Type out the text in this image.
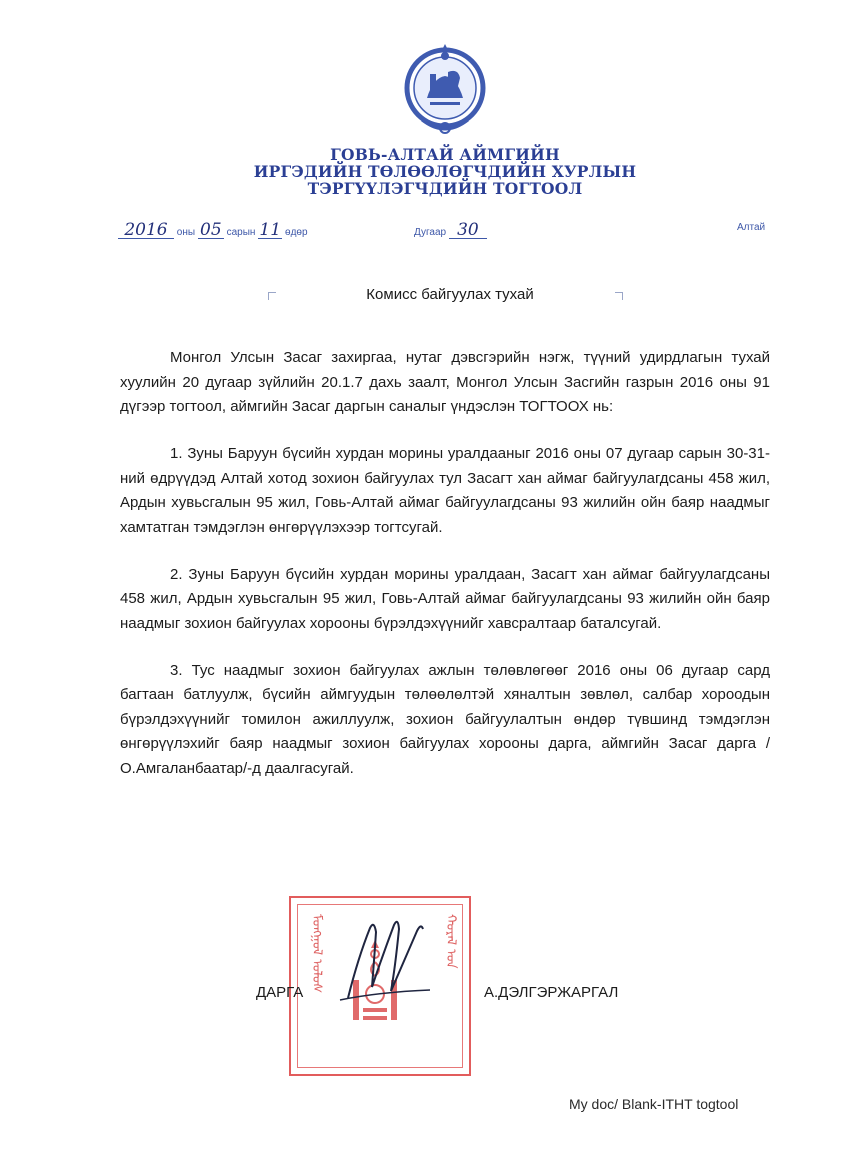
ГОВЬ-АЛТАЙ АЙМГИЙН
ИРГЭДИЙН ТӨЛӨӨЛӨГЧДИЙН ХУРЛЫН
ТЭРГҮҮЛЭГЧДИЙН ТОГТООЛ
2016 оны 05 сарын 11 өдөр	Дугаар 30	Алтай
Комисс байгуулах тухай

Монгол Улсын Засаг захиргаа, нутаг дэвсгэрийн нэгж, түүний удирдлагын тухай хуулийн 20 дугаар зүйлийн 20.1.7 дахь заалт, Монгол Улсын Засгийн газрын 2016 оны 91 дүгээр тогтоол, аймгийн Засаг даргын саналыг үндэслэн ТОГТООХ нь:

1. Зуны Баруун бүсийн хурдан морины уралдааныг 2016 оны 07 дугаар сарын 30-31-ний өдрүүдэд Алтай хотод зохион байгуулах тул Засагт хан аймаг байгуулагдсаны 458 жил, Ардын хувьсгалын 95 жил, Говь-Алтай аймаг байгуулагдсаны 93 жилийн ойн баяр наадмыг хамтатган тэмдэглэн өнгөрүүлэхээр тогтсугай.

2. Зуны Баруун бүсийн хурдан морины уралдаан, Засагт хан аймаг байгуулагдсаны 458 жил, Ардын хувьсгалын 95 жил, Говь-Алтай аймаг байгуулагдсаны 93 жилийн ойн баяр наадмыг зохион байгуулах хорооны бүрэлдэхүүнийг хавсралтаар баталсугай.

3. Тус наадмыг зохион байгуулах ажлын төлөвлөгөөг 2016 оны 06 дугаар сард багтаан батлуулж, бүсийн аймгуудын төлөөлөлтэй хяналтын зөвлөл, салбар хороодын бүрэлдэхүүнийг томилон ажиллуулж, зохион байгуулалтын өндөр түвшинд тэмдэглэн өнгөрүүлэхийг баяр наадмыг зохион байгуулах хорооны дарга, аймгийн Засаг дарга /О.Амгаланбаатар/-д даалгасугай.

ᠮᠣᠩᠭᠣᠯ ᠤᠯᠤᠰ	ᠬᠤᠷᠠᠯ ᠤᠨ
ДАРГА	А.ДЭЛГЭРЖАРГАЛ
My doc/ Blank-ITHT togtool
